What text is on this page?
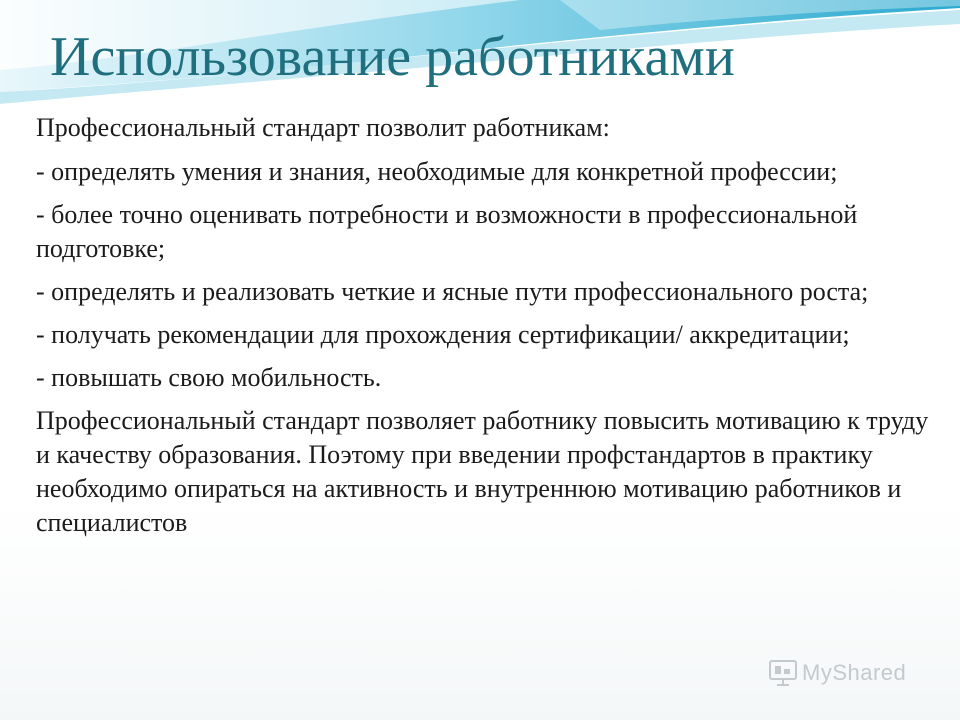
Использование работниками

Профессиональный стандарт позволит работникам:

- определять умения и знания, необходимые для конкретной профессии;

- более точно оценивать потребности и возможности в профессиональной подготовке;

- определять и реализовать четкие и ясные пути профессионального роста;

- получать рекомендации для прохождения сертификации/ аккредитации;

- повышать свою мобильность.

Профессиональный стандарт позволяет работнику повысить мотивацию к труду и качеству образования. Поэтому при введении профстандартов в практику необходимо опираться на активность и внутреннюю мотивацию работников и специалистов

MyShared
